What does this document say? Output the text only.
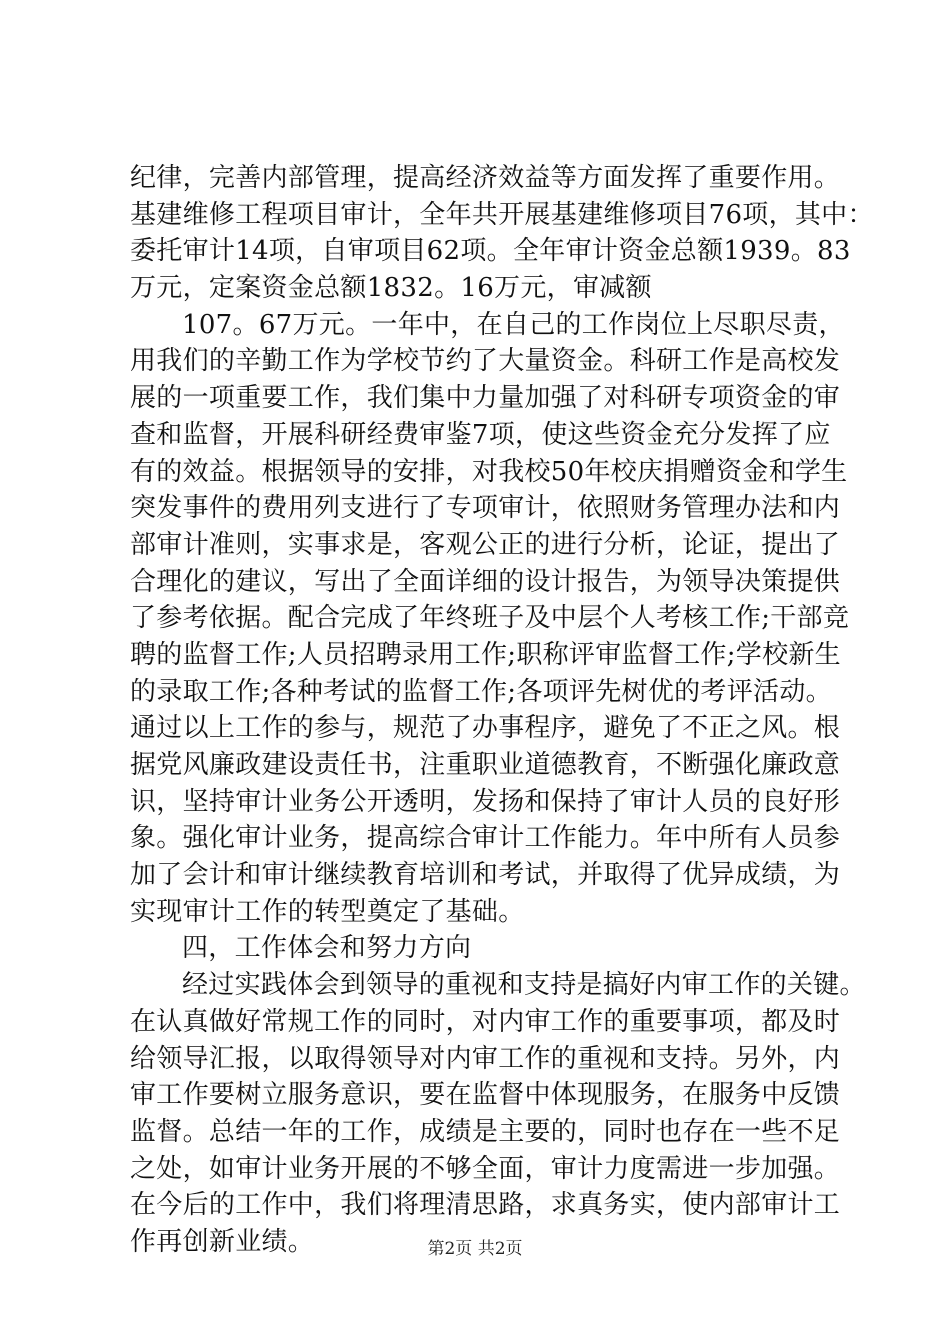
纪律，完善内部管理，提高经济效益等方面发挥了重要作用。
基建维修工程项目审计，全年共开展基建维修项目76项，其中：
委托审计14项，自审项目62项。全年审计资金总额1939。83
万元，定案资金总额1832。16万元，审减额
107。67万元。一年中，在自己的工作岗位上尽职尽责，
用我们的辛勤工作为学校节约了大量资金。科研工作是高校发
展的一项重要工作，我们集中力量加强了对科研专项资金的审
查和监督，开展科研经费审鉴7项，使这些资金充分发挥了应
有的效益。根据领导的安排，对我校50年校庆捐赠资金和学生
突发事件的费用列支进行了专项审计，依照财务管理办法和内
部审计准则，实事求是，客观公正的进行分析，论证，提出了
合理化的建议，写出了全面详细的设计报告，为领导决策提供
了参考依据。配合完成了年终班子及中层个人考核工作;干部竞
聘的监督工作;人员招聘录用工作;职称评审监督工作;学校新生
的录取工作;各种考试的监督工作;各项评先树优的考评活动。
通过以上工作的参与，规范了办事程序，避免了不正之风。根
据党风廉政建设责任书，注重职业道德教育，不断强化廉政意
识，坚持审计业务公开透明，发扬和保持了审计人员的良好形
象。强化审计业务，提高综合审计工作能力。年中所有人员参
加了会计和审计继续教育培训和考试，并取得了优异成绩，为
实现审计工作的转型奠定了基础。
四，工作体会和努力方向
经过实践体会到领导的重视和支持是搞好内审工作的关键。
在认真做好常规工作的同时，对内审工作的重要事项，都及时
给领导汇报，以取得领导对内审工作的重视和支持。另外，内
审工作要树立服务意识，要在监督中体现服务，在服务中反馈
监督。总结一年的工作，成绩是主要的，同时也存在一些不足
之处，如审计业务开展的不够全面，审计力度需进一步加强。
在今后的工作中，我们将理清思路，求真务实，使内部审计工
作再创新业绩。	第2页 共2页
